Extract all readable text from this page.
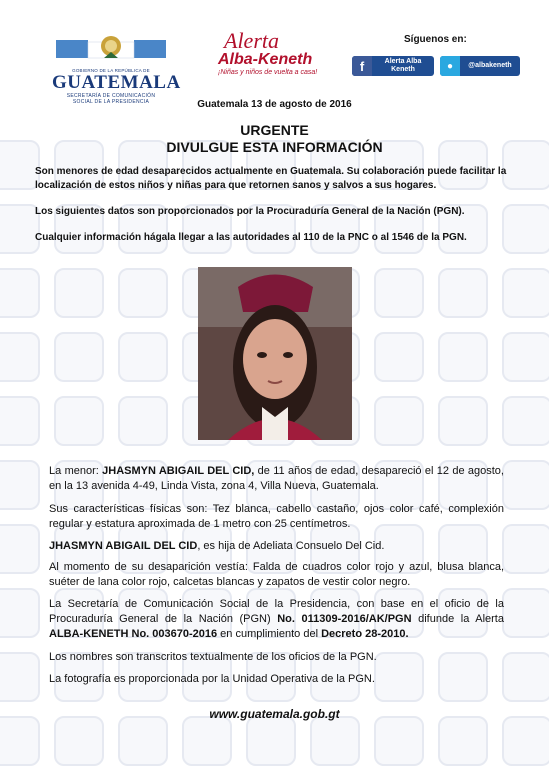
GOBIERNO DE LA REPÚBLICA DE
GUATEMALA
SECRETARÍA DE COMUNICACIÓN
SOCIAL DE LA PRESIDENCIA
Alerta
Alba-Keneth
¡Niñas y niños de vuelta a casa!
Síguenos en:
f	Alerta Alba
Keneth	●	@albakeneth
Guatemala 13 de agosto de 2016
URGENTE
DIVULGUE ESTA INFORMACIÓN
Son menores de edad desaparecidos actualmente en Guatemala. Su colaboración puede facilitar la localización de estos niños y niñas para que retornen sanos y salvos a sus hogares.
Los siguientes datos son proporcionados por la Procuraduría General de la Nación (PGN).
Cualquier información hágala llegar a las autoridades al 110 de la PNC o al 1546 de la PGN.
La menor: JHASMYN ABIGAIL DEL CID, de 11 años de edad, desapareció el 12 de agosto, en la 13 avenida 4-49, Linda Vista, zona 4, Villa Nueva, Guatemala.
Sus características físicas son: Tez blanca, cabello castaño, ojos color café, complexión regular y estatura aproximada de 1 metro con 25 centímetros.
JHASMYN ABIGAIL DEL CID, es hija de Adeliata Consuelo Del Cid.
Al momento de su desaparición vestía: Falda de cuadros color rojo y azul, blusa blanca, suéter de lana color rojo, calcetas blancas y zapatos de vestir color negro.
La Secretaría de Comunicación Social de la Presidencia, con base en el oficio de la Procuraduría General de la Nación (PGN) No. 011309-2016/AK/PGN difunde la Alerta ALBA-KENETH No. 003670-2016 en cumplimiento del Decreto 28-2010.
Los nombres son transcritos textualmente de los oficios de la PGN.
La fotografía es proporcionada por la Unidad Operativa de la PGN.
www.guatemala.gob.gt
